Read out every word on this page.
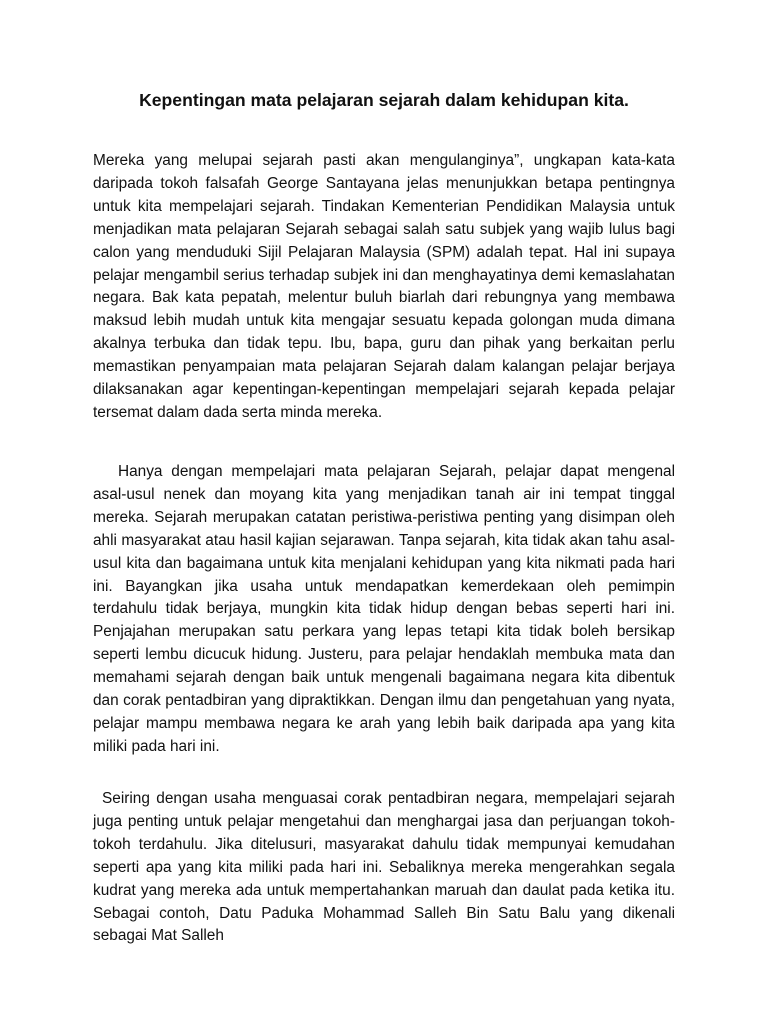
Kepentingan mata pelajaran sejarah dalam kehidupan kita.

Mereka yang melupai sejarah pasti akan mengulanginya”, ungkapan kata-kata daripada tokoh falsafah George Santayana jelas menunjukkan betapa pentingnya untuk kita mempelajari sejarah. Tindakan Kementerian Pendidikan Malaysia untuk menjadikan mata pelajaran Sejarah sebagai salah satu subjek yang wajib lulus bagi calon yang menduduki Sijil Pelajaran Malaysia (SPM) adalah tepat. Hal ini supaya pelajar mengambil serius terhadap subjek ini dan menghayatinya demi kemaslahatan negara. Bak kata pepatah, melentur buluh biarlah dari rebungnya yang membawa maksud lebih mudah untuk kita mengajar sesuatu kepada golongan muda dimana akalnya terbuka dan tidak tepu. Ibu, bapa, guru dan pihak yang berkaitan perlu memastikan penyampaian mata pelajaran Sejarah dalam kalangan pelajar berjaya dilaksanakan agar kepentingan-kepentingan mempelajari sejarah kepada pelajar tersemat dalam dada serta minda mereka.

Hanya dengan mempelajari mata pelajaran Sejarah, pelajar dapat mengenal asal-usul nenek dan moyang kita yang menjadikan tanah air ini tempat tinggal mereka. Sejarah merupakan catatan peristiwa-peristiwa penting yang disimpan oleh ahli masyarakat atau hasil kajian sejarawan. Tanpa sejarah, kita tidak akan tahu asal-usul kita dan bagaimana untuk kita menjalani kehidupan yang kita nikmati pada hari ini. Bayangkan jika usaha untuk mendapatkan kemerdekaan oleh pemimpin terdahulu tidak berjaya, mungkin kita tidak hidup dengan bebas seperti hari ini. Penjajahan merupakan satu perkara yang lepas tetapi kita tidak boleh bersikap seperti lembu dicucuk hidung. Justeru, para pelajar hendaklah membuka mata dan memahami sejarah dengan baik untuk mengenali bagaimana negara kita dibentuk dan corak pentadbiran yang dipraktikkan. Dengan ilmu dan pengetahuan yang nyata, pelajar mampu membawa negara ke arah yang lebih baik daripada apa yang kita miliki pada hari ini.

Seiring dengan usaha menguasai corak pentadbiran negara, mempelajari sejarah juga penting untuk pelajar mengetahui dan menghargai jasa dan perjuangan tokoh-tokoh terdahulu. Jika ditelusuri, masyarakat dahulu tidak mempunyai kemudahan seperti apa yang kita miliki pada hari ini. Sebaliknya mereka mengerahkan segala kudrat yang mereka ada untuk mempertahankan maruah dan daulat pada ketika itu. Sebagai contoh, Datu Paduka Mohammad Salleh Bin Satu Balu yang dikenali sebagai Mat Salleh
